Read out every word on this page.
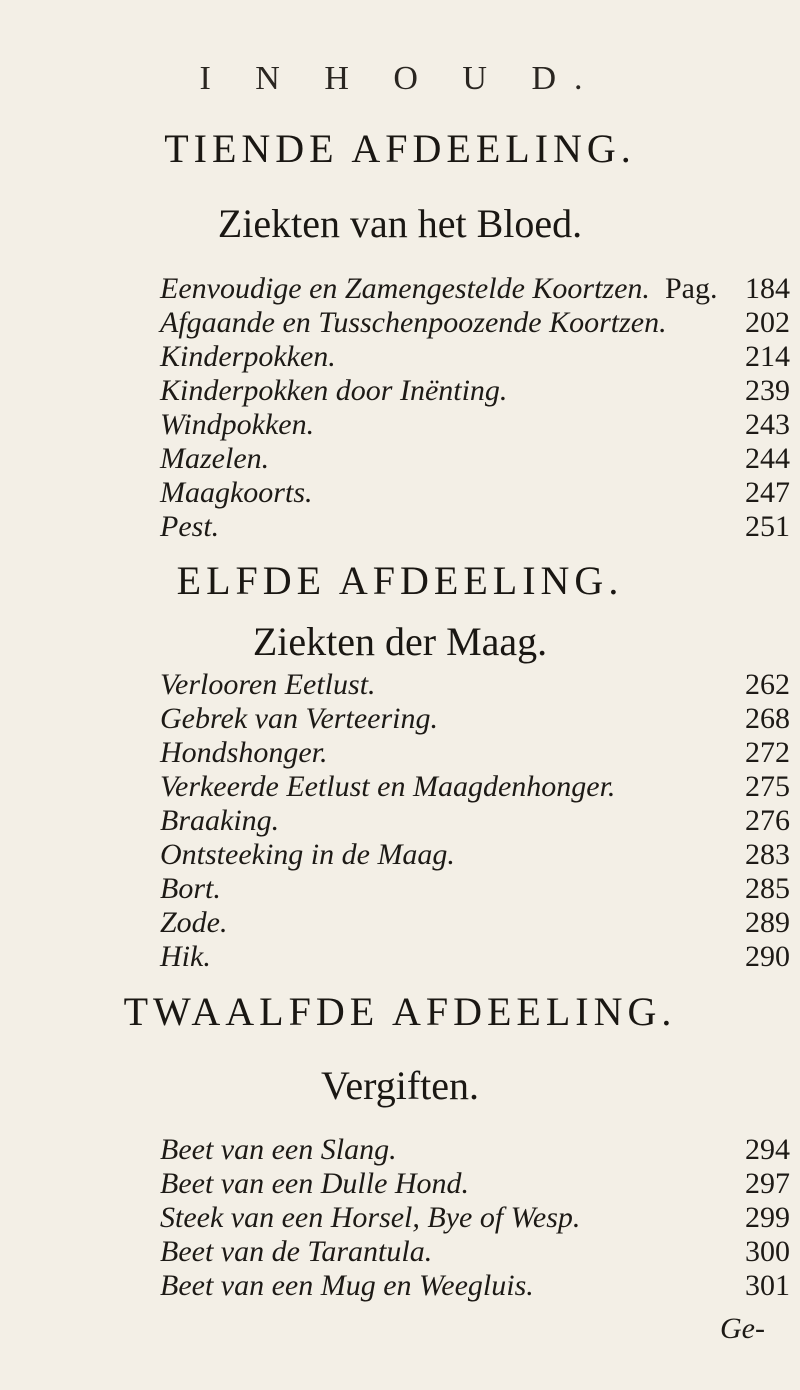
I N H O U D.
TIENDE AFDEELING.
Ziekten van het Bloed.
Eenvoudige en Zamengestelde Koortzen. Pag. 184
Afgaande en Tusschenpoozende Koortzen.	202
Kinderpokken.	214
Kinderpokken door Inënting.	239
Windpokken.	243
Mazelen.	244
Maagkoorts.	247
Pest.	251
ELFDE AFDEELING.
Ziekten der Maag.
Verlooren Eetlust.	262
Gebrek van Verteering.	268
Hondshonger.	272
Verkeerde Eetlust en Maagdenhonger.	275
Braaking.	276
Ontsteeking in de Maag.	283
Bort.	285
Zode.	289
Hik.	290
TWAALFDE AFDEELING.
Vergiften.
Beet van een Slang.	294
Beet van een Dulle Hond.	297
Steek van een Horsel, Bye of Wesp.	299
Beet van de Tarantula.	300
Beet van een Mug en Weegluis.	301
Ge-
